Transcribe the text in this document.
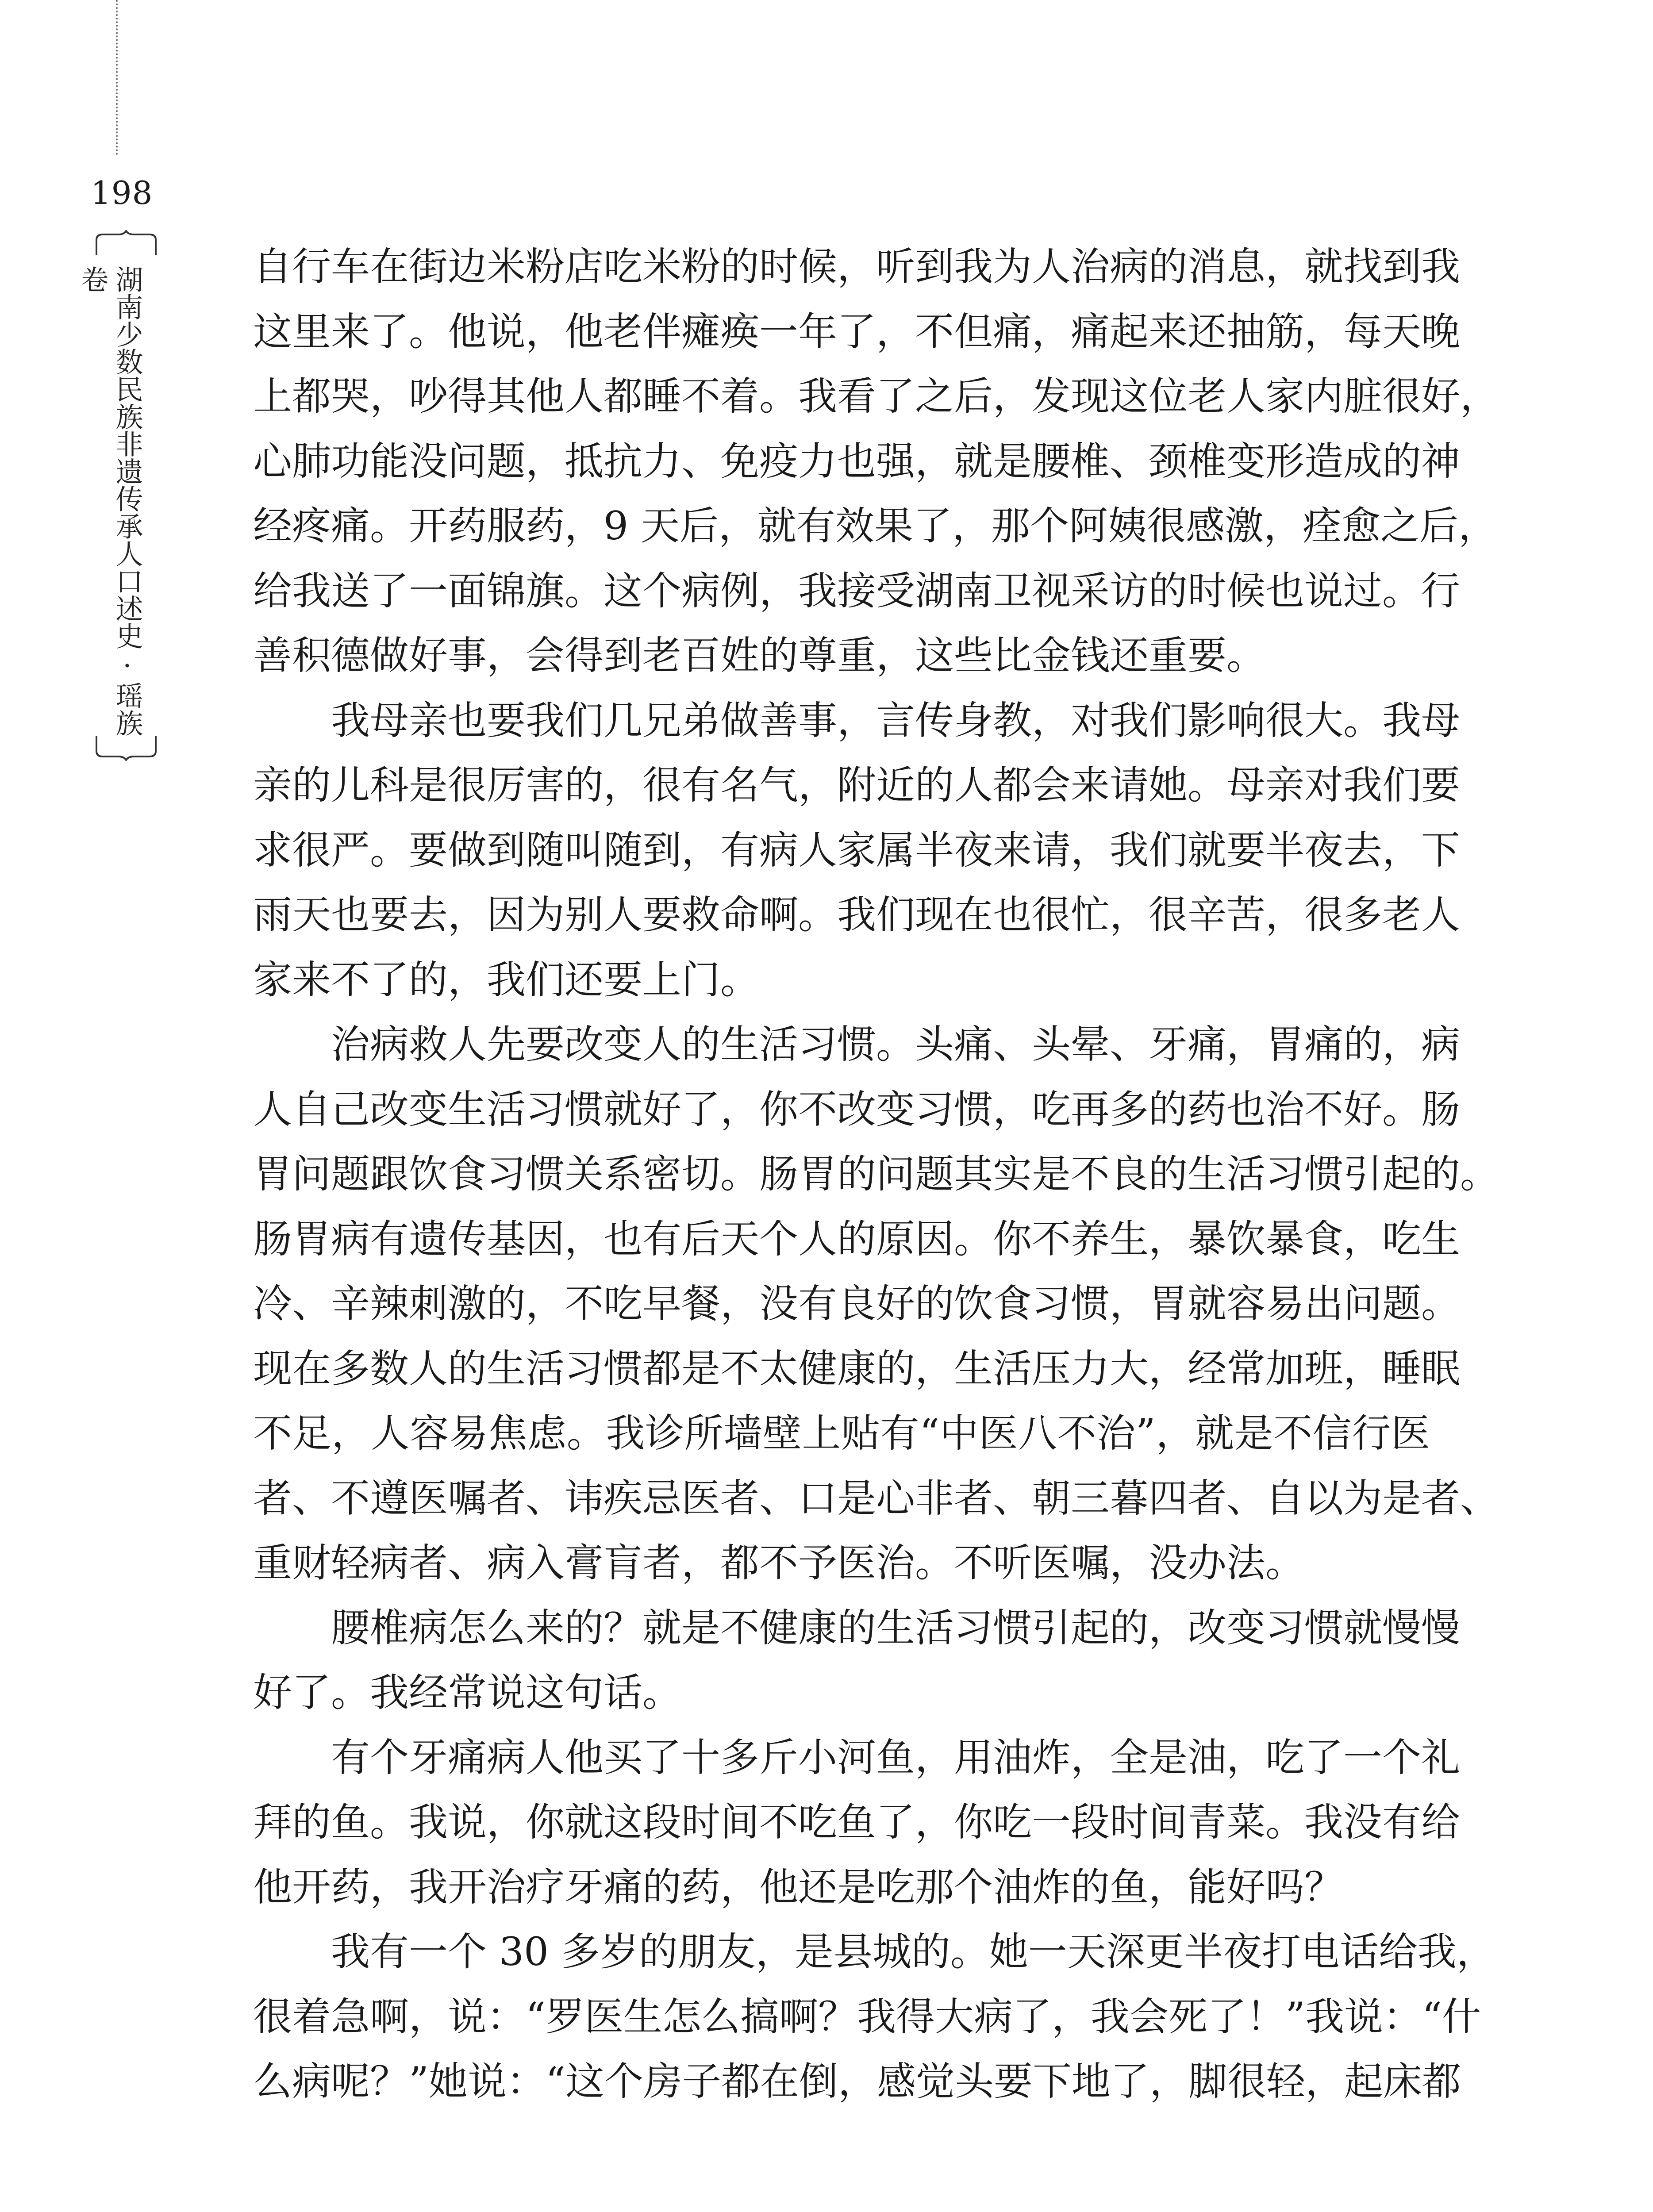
198
湖南少数民族非遗传承人口述史·瑶族卷	自行车在街边米粉店吃米粉的时候，听到我为人治病的消息，就找到我
这里来了。他说，他老伴瘫痪一年了，不但痛，痛起来还抽筋，每天晚
上都哭，吵得其他人都睡不着。我看了之后，发现这位老人家内脏很好，
心肺功能没问题，抵抗力、免疫力也强，就是腰椎、颈椎变形造成的神
经疼痛。开药服药，9 天后，就有效果了，那个阿姨很感激，痊愈之后，
给我送了一面锦旗。这个病例，我接受湖南卫视采访的时候也说过。行
善积德做好事，会得到老百姓的尊重，这些比金钱还重要。
我母亲也要我们几兄弟做善事，言传身教，对我们影响很大。我母
亲的儿科是很厉害的，很有名气，附近的人都会来请她。母亲对我们要
求很严。要做到随叫随到，有病人家属半夜来请，我们就要半夜去，下
雨天也要去，因为别人要救命啊。我们现在也很忙，很辛苦，很多老人
家来不了的，我们还要上门。
治病救人先要改变人的生活习惯。头痛、头晕、牙痛，胃痛的，病
人自己改变生活习惯就好了，你不改变习惯，吃再多的药也治不好。肠
胃问题跟饮食习惯关系密切。肠胃的问题其实是不良的生活习惯引起的。
肠胃病有遗传基因，也有后天个人的原因。你不养生，暴饮暴食，吃生
冷、辛辣刺激的，不吃早餐，没有良好的饮食习惯，胃就容易出问题。
现在多数人的生活习惯都是不太健康的，生活压力大，经常加班，睡眠
不足，人容易焦虑。我诊所墙壁上贴有“中医八不治”，就是不信行医
者、不遵医嘱者、讳疾忌医者、口是心非者、朝三暮四者、自以为是者、
重财轻病者、病入膏肓者，都不予医治。不听医嘱，没办法。
腰椎病怎么来的？就是不健康的生活习惯引起的，改变习惯就慢慢
好了。我经常说这句话。
有个牙痛病人他买了十多斤小河鱼，用油炸，全是油，吃了一个礼
拜的鱼。我说，你就这段时间不吃鱼了，你吃一段时间青菜。我没有给
他开药，我开治疗牙痛的药，他还是吃那个油炸的鱼，能好吗？
我有一个 30 多岁的朋友，是县城的。她一天深更半夜打电话给我，
很着急啊，说：“罗医生怎么搞啊？我得大病了，我会死了！”我说：“什
么病呢？”她说：“这个房子都在倒，感觉头要下地了，脚很轻，起床都
